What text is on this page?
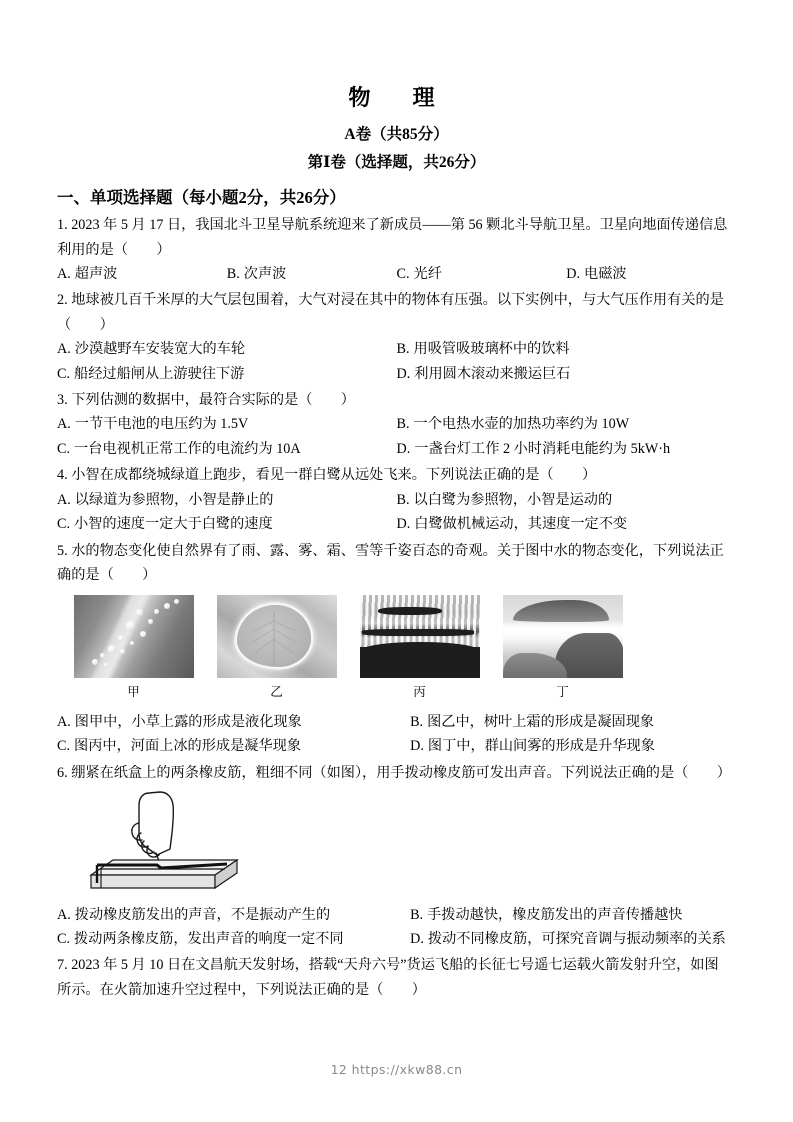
物　理
A卷（共85分）
第Ⅰ卷（选择题，共26分）
一、单项选择题（每小题2分，共26分）
1. 2023 年 5 月 17 日，我国北斗卫星导航系统迎来了新成员——第 56 颗北斗导航卫星。卫星向地面传递信息
利用的是（　　）
A. 超声波	B. 次声波	C. 光纤	D. 电磁波
2. 地球被几百千米厚的大气层包围着，大气对浸在其中的物体有压强。以下实例中，与大气压作用有关的是
（　　）
A. 沙漠越野车安装宽大的车轮	B. 用吸管吸玻璃杯中的饮料
C. 船经过船闸从上游驶往下游	D. 利用圆木滚动来搬运巨石
3. 下列估测的数据中，最符合实际的是（　　）
A. 一节干电池的电压约为 1.5V	B. 一个电热水壶的加热功率约为 10W
C. 一台电视机正常工作的电流约为 10A	D. 一盏台灯工作 2 小时消耗电能约为 5kW·h
4. 小智在成都绕城绿道上跑步，看见一群白鹭从远处飞来。下列说法正确的是（　　）
A. 以绿道为参照物，小智是静止的	B. 以白鹭为参照物，小智是运动的
C. 小智的速度一定大于白鹭的速度	D. 白鹭做机械运动，其速度一定不变
5. 水的物态变化使自然界有了雨、露、雾、霜、雪等千姿百态的奇观。关于图中水的物态变化，下列说法正
确的是（　　）
甲	乙	丙	丁
A. 图甲中，小草上露的形成是液化现象	B. 图乙中，树叶上霜的形成是凝固现象
C. 图丙中，河面上冰的形成是凝华现象	D. 图丁中，群山间雾的形成是升华现象
6. 绷紧在纸盒上的两条橡皮筋，粗细不同（如图），用手拨动橡皮筋可发出声音。下列说法正确的是（　　）
A. 拨动橡皮筋发出的声音，不是振动产生的	B. 手拨动越快，橡皮筋发出的声音传播越快
C. 拨动两条橡皮筋，发出声音的响度一定不同	D. 拨动不同橡皮筋，可探究音调与振动频率的关系
7. 2023 年 5 月 10 日在文昌航天发射场，搭载“天舟六号”货运飞船的长征七号遥七运载火箭发射升空，如图
所示。在火箭加速升空过程中，下列说法正确的是（　　）
12 https://xkw88.cn
